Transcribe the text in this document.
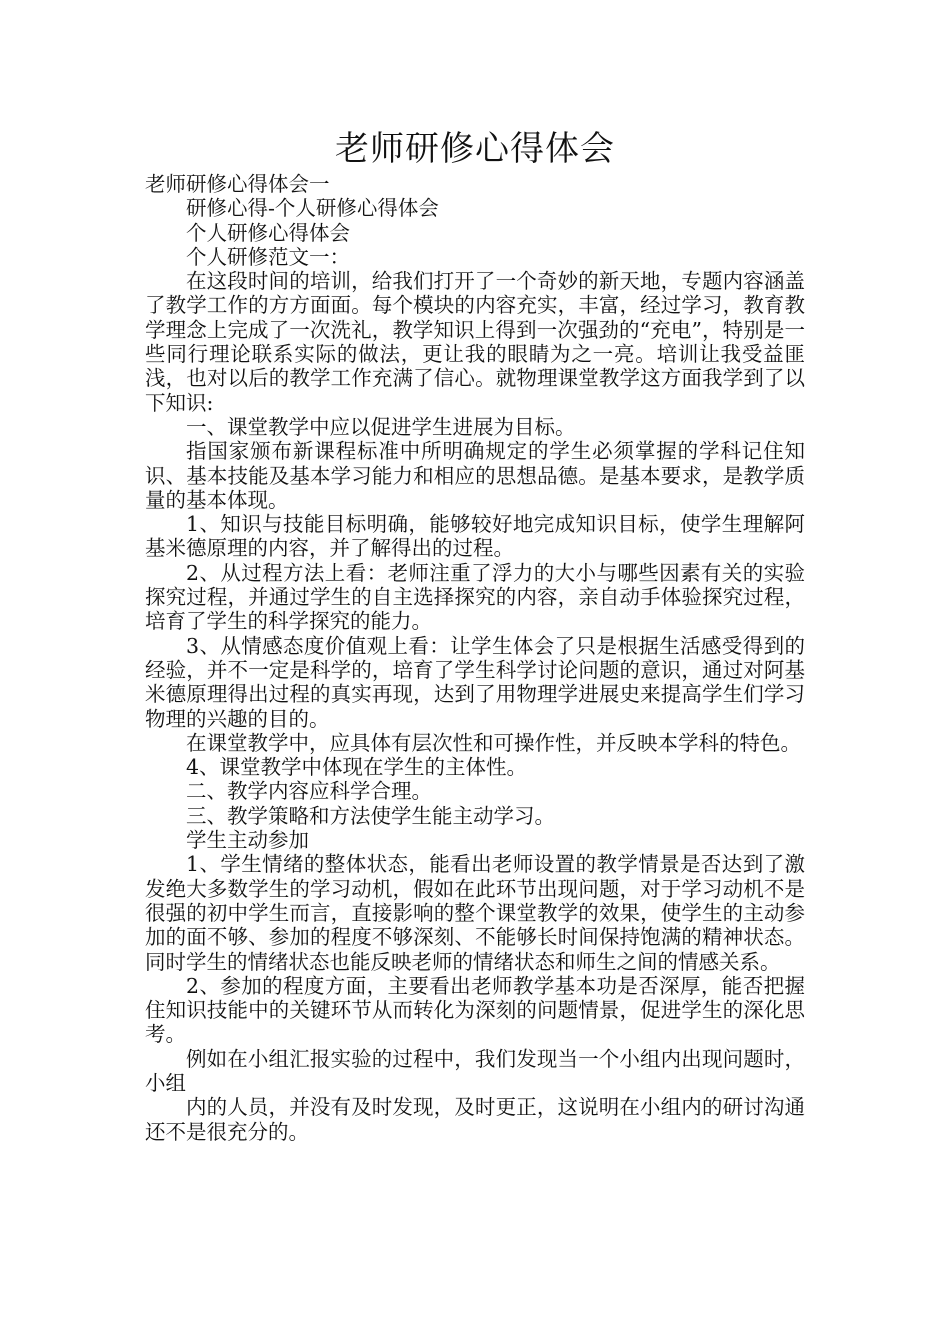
老师研修心得体会

老师研修心得体会一

研修心得-个人研修心得体会

个人研修心得体会

个人研修范文一：

在这段时间的培训，给我们打开了一个奇妙的新天地，专题内容涵盖了教学工作的方方面面。每个模块的内容充实，丰富，经过学习，教育教学理念上完成了一次洗礼，教学知识上得到一次强劲的“充电”，特别是一些同行理论联系实际的做法，更让我的眼睛为之一亮。培训让我受益匪浅，也对以后的教学工作充满了信心。就物理课堂教学这方面我学到了以下知识:

一、课堂教学中应以促进学生进展为目标。

指国家颁布新课程标准中所明确规定的学生必须掌握的学科记住知识、基本技能及基本学习能力和相应的思想品德。是基本要求，是教学质量的基本体现。

1、知识与技能目标明确，能够较好地完成知识目标，使学生理解阿基米德原理的内容，并了解得出的过程。

2、从过程方法上看：老师注重了浮力的大小与哪些因素有关的实验探究过程，并通过学生的自主选择探究的内容，亲自动手体验探究过程，培育了学生的科学探究的能力。

3、从情感态度价值观上看：让学生体会了只是根据生活感受得到的经验，并不一定是科学的，培育了学生科学讨论问题的意识，通过对阿基米德原理得出过程的真实再现，达到了用物理学进展史来提高学生们学习物理的兴趣的目的。

在课堂教学中，应具体有层次性和可操作性，并反映本学科的特色。

4、课堂教学中体现在学生的主体性。

二、教学内容应科学合理。

三、教学策略和方法使学生能主动学习。

学生主动参加

1、学生情绪的整体状态，能看出老师设置的教学情景是否达到了激发绝大多数学生的学习动机，假如在此环节出现问题，对于学习动机不是很强的初中学生而言，直接影响的整个课堂教学的效果，使学生的主动参加的面不够、参加的程度不够深刻、不能够长时间保持饱满的精神状态。同时学生的情绪状态也能反映老师的情绪状态和师生之间的情感关系。

2、参加的程度方面，主要看出老师教学基本功是否深厚，能否把握住知识技能中的关键环节从而转化为深刻的问题情景，促进学生的深化思考。

例如在小组汇报实验的过程中，我们发现当一个小组内出现问题时，小组

内的人员，并没有及时发现，及时更正，这说明在小组内的研讨沟通还不是很充分的。
